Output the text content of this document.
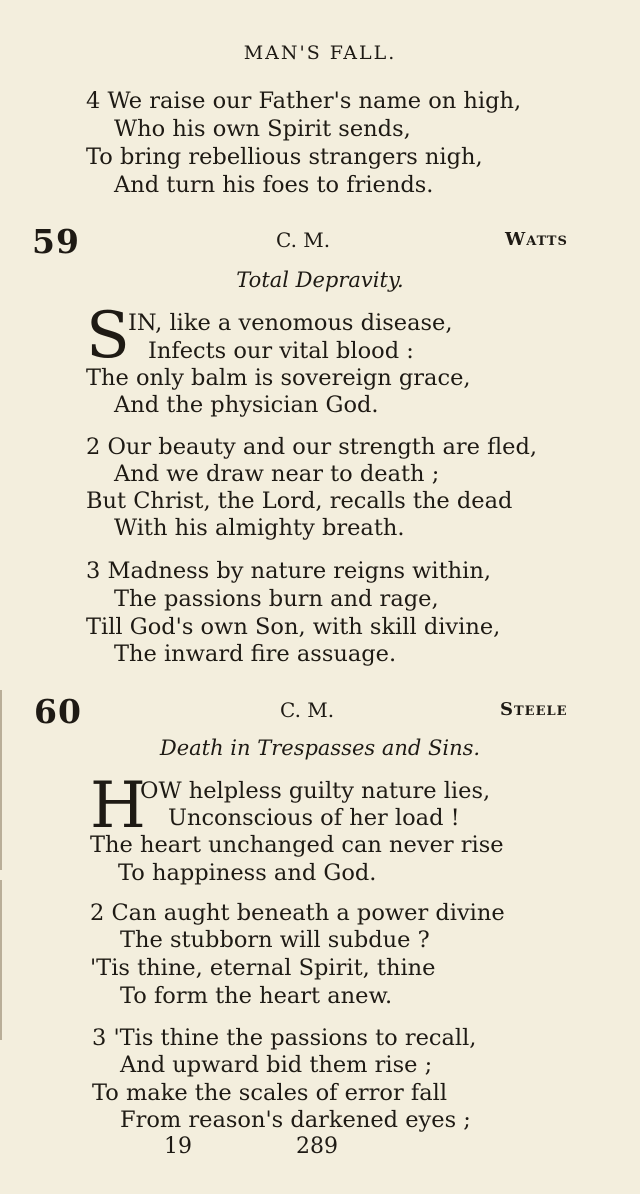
MAN'S FALL.
4 We raise our Father's name on high,
Who his own Spirit sends,
To bring rebellious strangers nigh,
And turn his foes to friends.
59	C. M.	Watts
Total Depravity.
S
IN, like a venomous disease,
Infects our vital blood :
The only balm is sovereign grace,
And the physician God.
2 Our beauty and our strength are fled,
And we draw near to death ;
But Christ, the Lord, recalls the dead
With his almighty breath.
3 Madness by nature reigns within,
The passions burn and rage,
Till God's own Son, with skill divine,
The inward fire assuage.
60	C. M.	Steele
Death in Trespasses and Sins.
H
OW helpless guilty nature lies,
Unconscious of her load !
The heart unchanged can never rise
To happiness and God.
2 Can aught beneath a power divine
The stubborn will subdue ?
'Tis thine, eternal Spirit, thine
To form the heart anew.
3 'Tis thine the passions to recall,
And upward bid them rise ;
To make the scales of error fall
From reason's darkened eyes ;
19	289
